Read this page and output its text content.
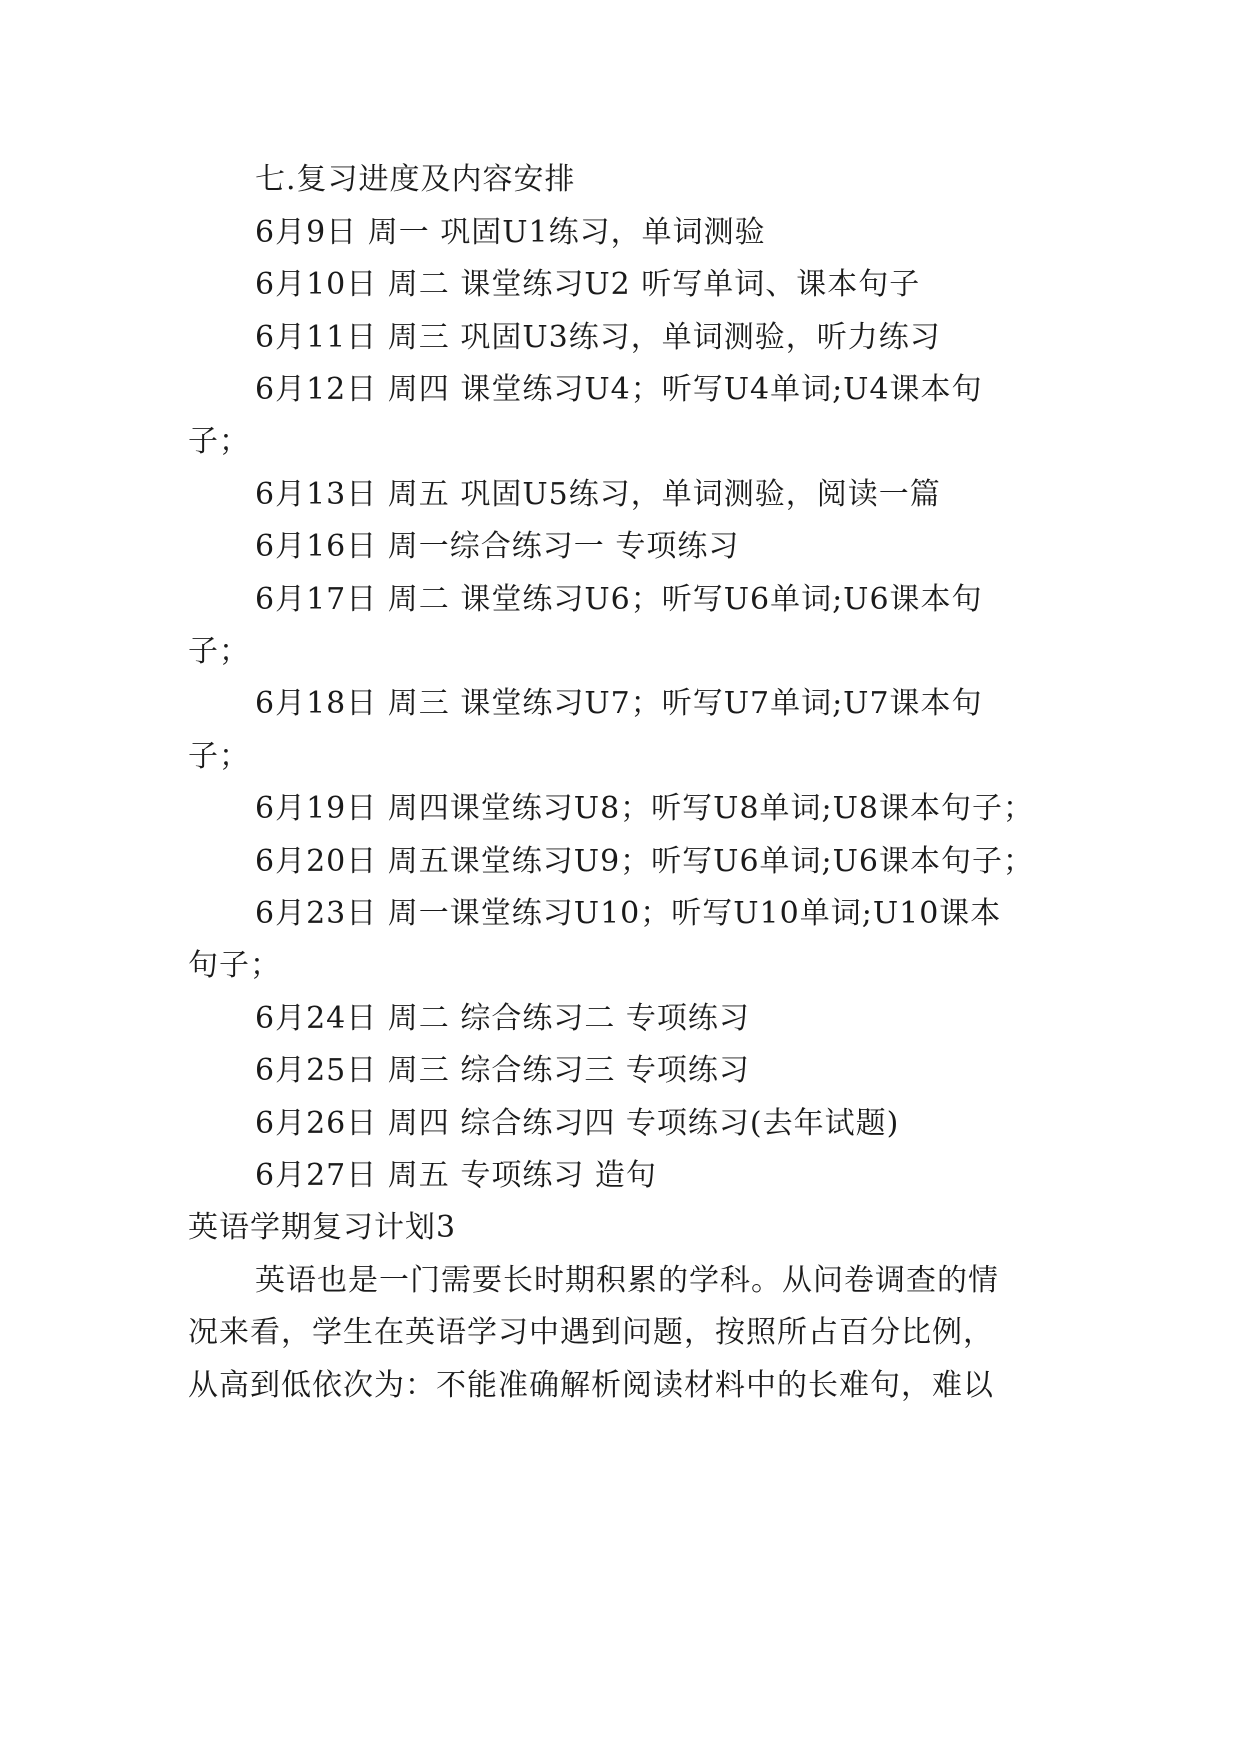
七.复习进度及内容安排
6月9日 周一 巩固U1练习，单词测验
6月10日 周二 课堂练习U2 听写单词、课本句子
6月11日 周三 巩固U3练习，单词测验，听力练习
6月12日 周四 课堂练习U4；听写U4单词;U4课本句
子；
6月13日 周五 巩固U5练习，单词测验，阅读一篇
6月16日 周一综合练习一 专项练习
6月17日 周二 课堂练习U6；听写U6单词;U6课本句
子；
6月18日 周三 课堂练习U7；听写U7单词;U7课本句
子；
6月19日 周四课堂练习U8；听写U8单词;U8课本句子；
6月20日 周五课堂练习U9；听写U6单词;U6课本句子；
6月23日 周一课堂练习U10；听写U10单词;U10课本
句子；
6月24日 周二 综合练习二 专项练习
6月25日 周三 综合练习三 专项练习
6月26日 周四 综合练习四 专项练习(去年试题)
6月27日 周五 专项练习 造句
英语学期复习计划3
英语也是一门需要长时期积累的学科。从问卷调查的情
况来看，学生在英语学习中遇到问题，按照所占百分比例，
从高到低依次为：不能准确解析阅读材料中的长难句，难以
